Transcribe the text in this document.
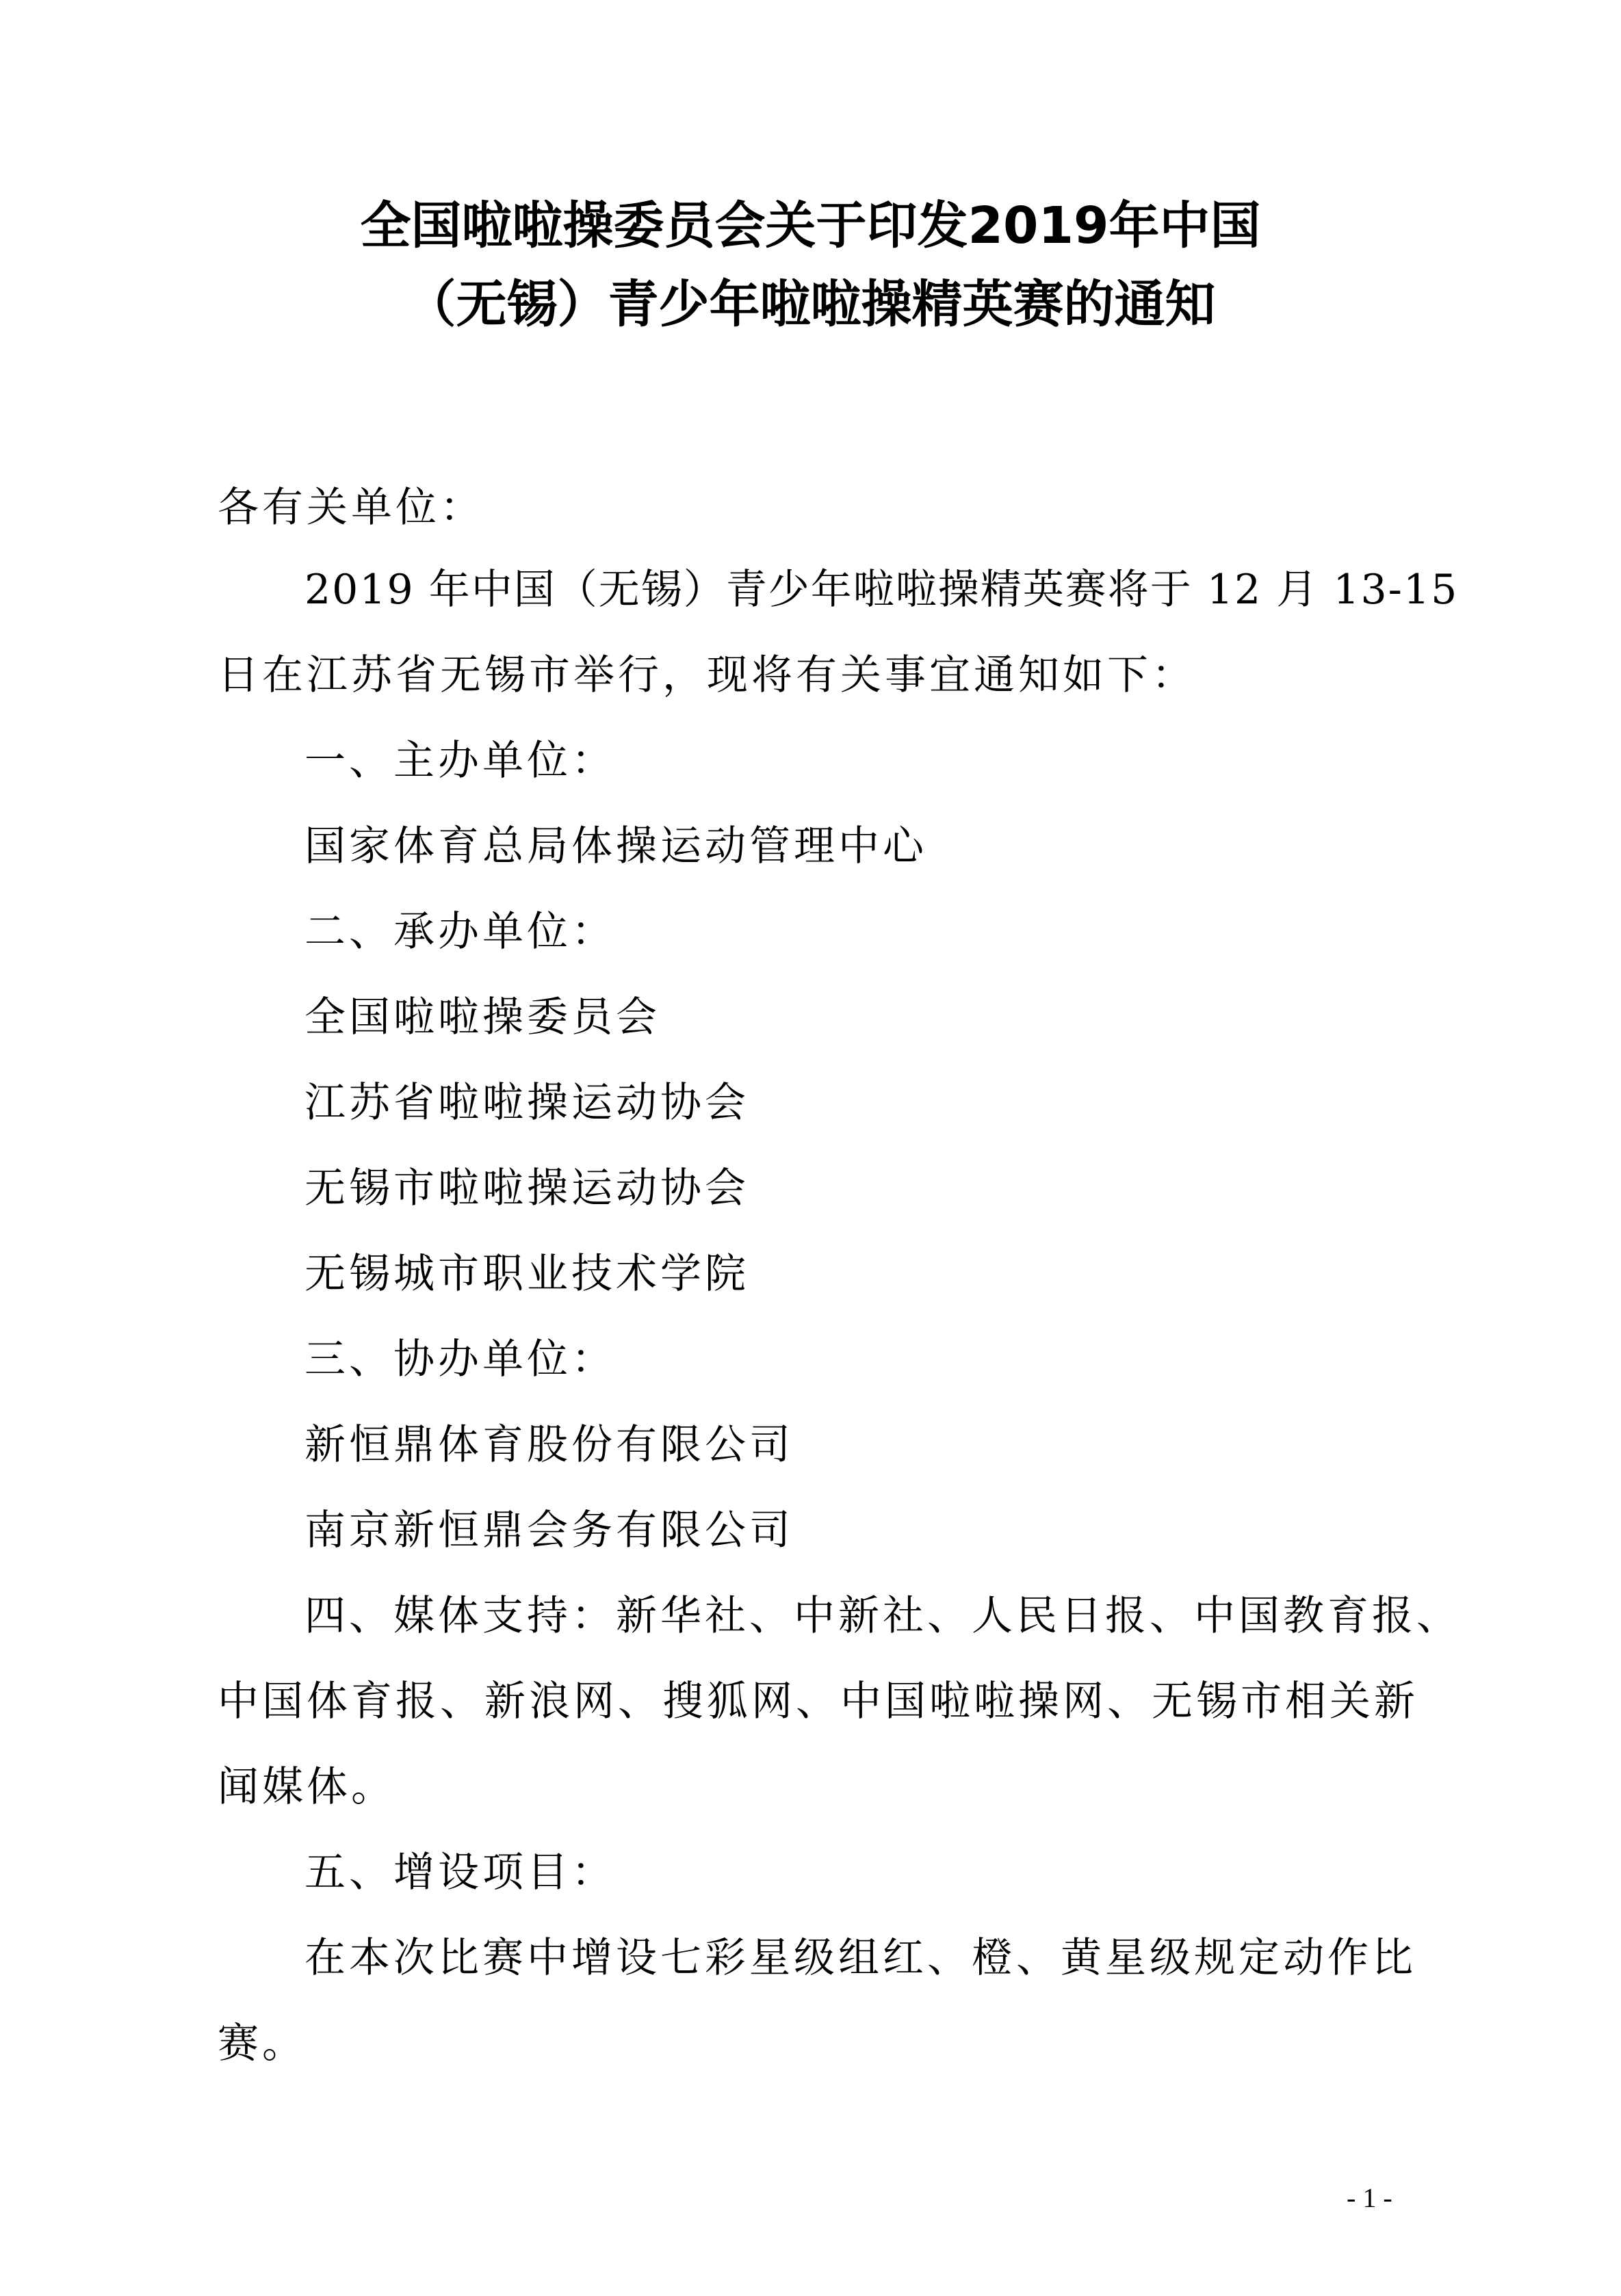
全国啦啦操委员会关于印发2019年中国
（无锡）青少年啦啦操精英赛的通知
各有关单位：
2019 年中国（无锡）青少年啦啦操精英赛将于 12 月 13-15
日在江苏省无锡市举行，现将有关事宜通知如下：
一、主办单位：
国家体育总局体操运动管理中心
二、承办单位：
全国啦啦操委员会
江苏省啦啦操运动协会
无锡市啦啦操运动协会
无锡城市职业技术学院
三、协办单位：
新恒鼎体育股份有限公司
南京新恒鼎会务有限公司
四、媒体支持：新华社、中新社、人民日报、中国教育报、
中国体育报、新浪网、搜狐网、中国啦啦操网、无锡市相关新
闻媒体。
五、增设项目：
在本次比赛中增设七彩星级组红、橙、黄星级规定动作比
赛。
- 1 -
